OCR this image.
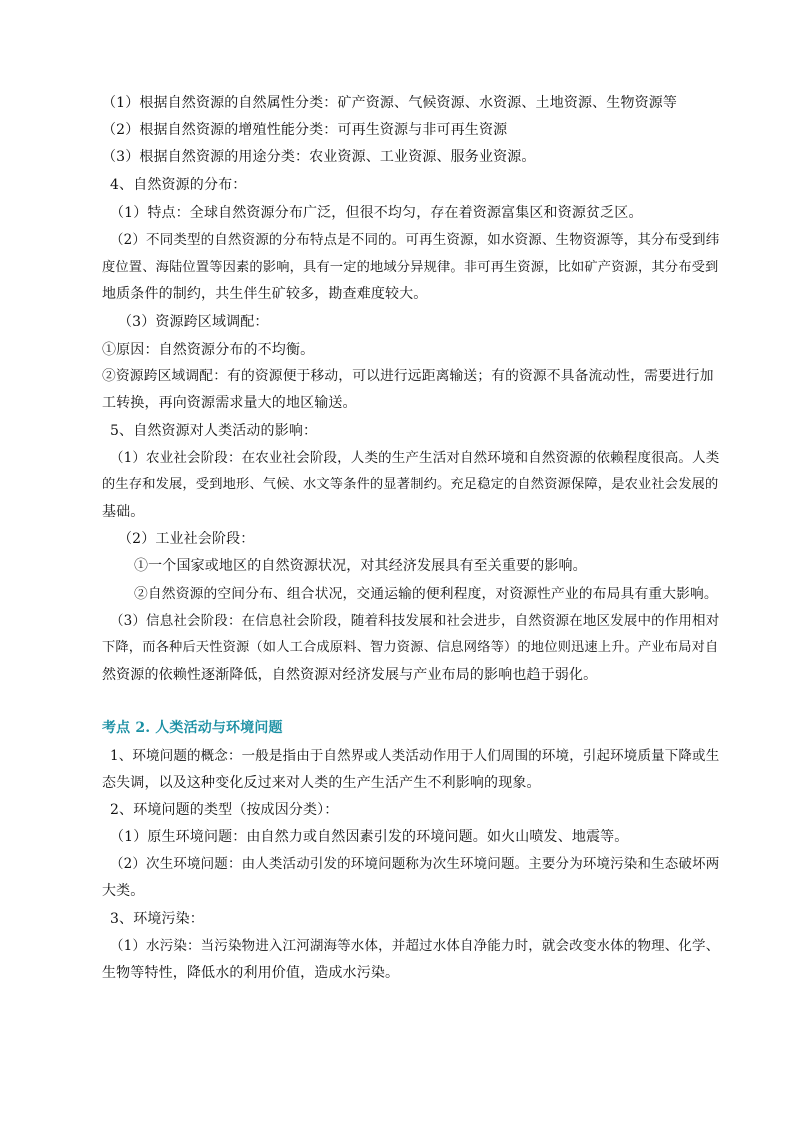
（1）根据自然资源的自然属性分类：矿产资源、气候资源、水资源、土地资源、生物资源等
（2）根据自然资源的增殖性能分类：可再生资源与非可再生资源
（3）根据自然资源的用途分类：农业资源、工业资源、服务业资源。
4、自然资源的分布：
（1）特点：全球自然资源分布广泛，但很不均匀，存在着资源富集区和资源贫乏区。
（2）不同类型的自然资源的分布特点是不同的。可再生资源，如水资源、生物资源等，其分布受到纬
度位置、海陆位置等因素的影响，具有一定的地域分异规律。非可再生资源，比如矿产资源，其分布受到
地质条件的制约，共生伴生矿较多，勘查难度较大。
（3）资源跨区域调配：
①原因：自然资源分布的不均衡。
②资源跨区域调配：有的资源便于移动，可以进行远距离输送；有的资源不具备流动性，需要进行加
工转换，再向资源需求量大的地区输送。
5、自然资源对人类活动的影响：
（1）农业社会阶段：在农业社会阶段，人类的生产生活对自然环境和自然资源的依赖程度很高。人类
的生存和发展，受到地形、气候、水文等条件的显著制约。充足稳定的自然资源保障，是农业社会发展的
基础。
（2）工业社会阶段：
①一个国家或地区的自然资源状况，对其经济发展具有至关重要的影响。
②自然资源的空间分布、组合状况，交通运输的便利程度，对资源性产业的布局具有重大影响。
（3）信息社会阶段：在信息社会阶段，随着科技发展和社会进步，自然资源在地区发展中的作用相对
下降，而各种后天性资源（如人工合成原料、智力资源、信息网络等）的地位则迅速上升。产业布局对自
然资源的依赖性逐渐降低，自然资源对经济发展与产业布局的影响也趋于弱化。
考点 2. 人类活动与环境问题
1、环境问题的概念：一般是指由于自然界或人类活动作用于人们周围的环境，引起环境质量下降或生
态失调，以及这种变化反过来对人类的生产生活产生不利影响的现象。
2、环境问题的类型（按成因分类）：
（1）原生环境问题：由自然力或自然因素引发的环境问题。如火山喷发、地震等。
（2）次生环境问题：由人类活动引发的环境问题称为次生环境问题。主要分为环境污染和生态破坏两
大类。
3、环境污染：
（1）水污染：当污染物进入江河湖海等水体，并超过水体自净能力时，就会改变水体的物理、化学、
生物等特性，降低水的利用价值，造成水污染。
